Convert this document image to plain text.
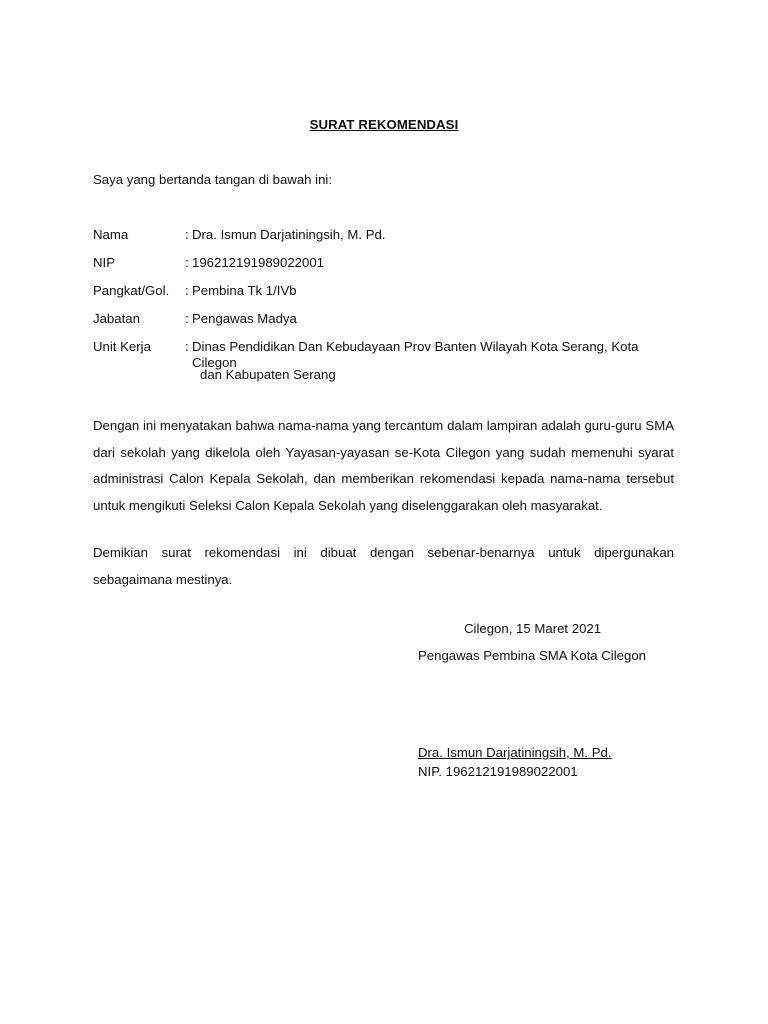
SURAT REKOMENDASI
Saya yang bertanda tangan di bawah ini:
Nama	: Dra. Ismun Darjatiningsih, M. Pd.
NIP	: 196212191989022001
Pangkat/Gol.	: Pembina Tk 1/IVb
Jabatan	: Pengawas Madya
Unit Kerja	: Dinas Pendidikan Dan Kebudayaan Prov Banten Wilayah Kota Serang, Kota Cilegon
dan Kabupaten Serang

Dengan ini menyatakan bahwa nama-nama yang tercantum dalam lampiran adalah guru-guru SMA dari sekolah yang dikelola oleh Yayasan-yayasan se-Kota Cilegon yang sudah memenuhi syarat administrasi Calon Kepala Sekolah, dan memberikan rekomendasi kepada nama-nama tersebut untuk mengikuti Seleksi Calon Kepala Sekolah yang diselenggarakan oleh masyarakat.

Demikian surat rekomendasi ini dibuat dengan sebenar-benarnya untuk dipergunakan sebagaimana mestinya.

Cilegon, 15 Maret 2021
Pengawas Pembina SMA Kota Cilegon
Dra. Ismun Darjatiningsih, M. Pd.
NIP. 196212191989022001
